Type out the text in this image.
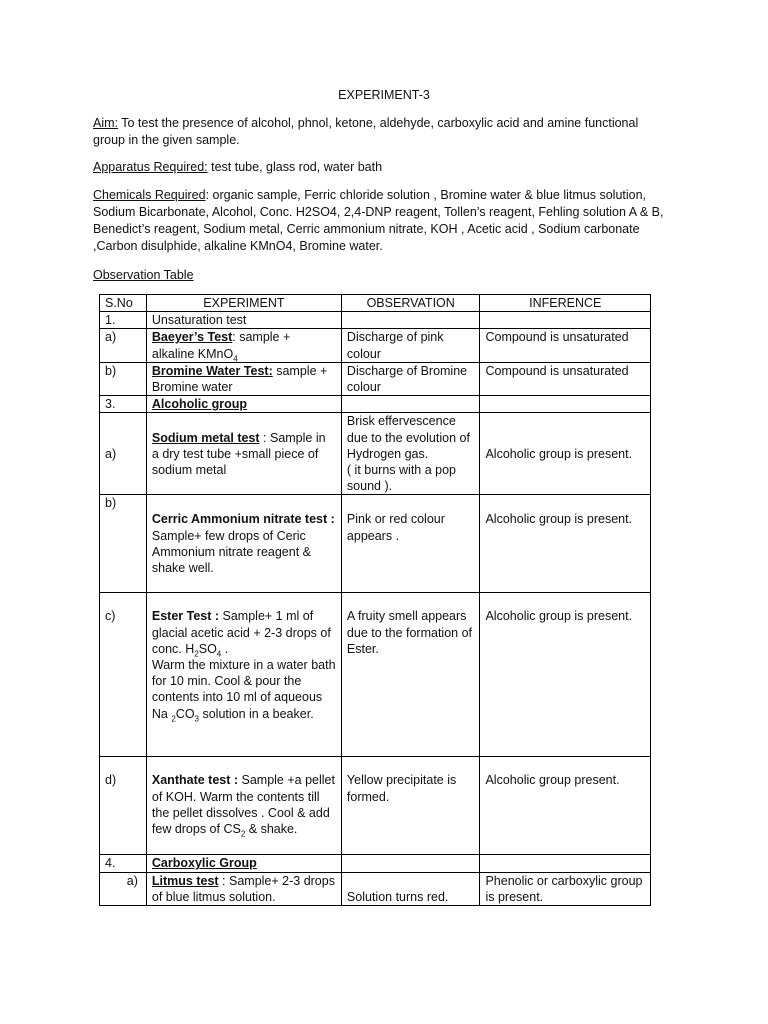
EXPERIMENT-3

Aim: To test the presence of alcohol, phnol, ketone, aldehyde, carboxylic acid and amine functional group in the given sample.

Apparatus Required: test tube, glass rod, water bath

Chemicals Required: organic sample, Ferric chloride solution , Bromine water & blue litmus solution, Sodium Bicarbonate, Alcohol, Conc. H2SO4, 2,4-DNP reagent, Tollen’s reagent, Fehling solution A & B, Benedict’s reagent, Sodium metal, Cerric ammonium nitrate, KOH , Acetic acid , Sodium carbonate ,Carbon disulphide, alkaline KMnO4, Bromine water.

Observation Table

S.No	EXPERIMENT	OBSERVATION	INFERENCE
1.	Unsaturation test		
a)	Baeyer’s Test: sample + alkaline KMnO$_4$	Discharge of pink colour	Compound is unsaturated
b)	Bromine Water Test: sample + Bromine water	Discharge of Bromine colour	Compound is unsaturated
3.	Alcoholic group		
a)	Sodium metal test : Sample in a dry test tube +small piece of sodium metal	Brisk effervescence due to the evolution of Hydrogen gas.
( it burns with a pop sound ).	Alcoholic group is present.
b)	Cerric Ammonium nitrate test :
Sample+ few drops of Ceric Ammonium nitrate reagent & shake well.	Pink or red colour appears .	Alcoholic group is present.
c)	Ester Test : Sample+ 1 ml of glacial acetic acid + 2-3 drops of conc. $H_2SO_4$ .
Warm the mixture in a water bath for 10 min. Cool & pour the contents into 10 ml of aqueous Na $_2CO_3$ solution in a beaker.	A fruity smell appears due to the formation of Ester.	Alcoholic group is present.
d)	Xanthate test : Sample +a pellet of KOH. Warm the contents till the pellet dissolves . Cool & add few drops of $CS_2$ & shake.	Yellow precipitate is formed.	Alcoholic group present.
4.	Carboxylic Group		
a)	Litmus test : Sample+ 2-3 drops of blue litmus solution.	Solution turns red.	Phenolic or carboxylic group is present.
